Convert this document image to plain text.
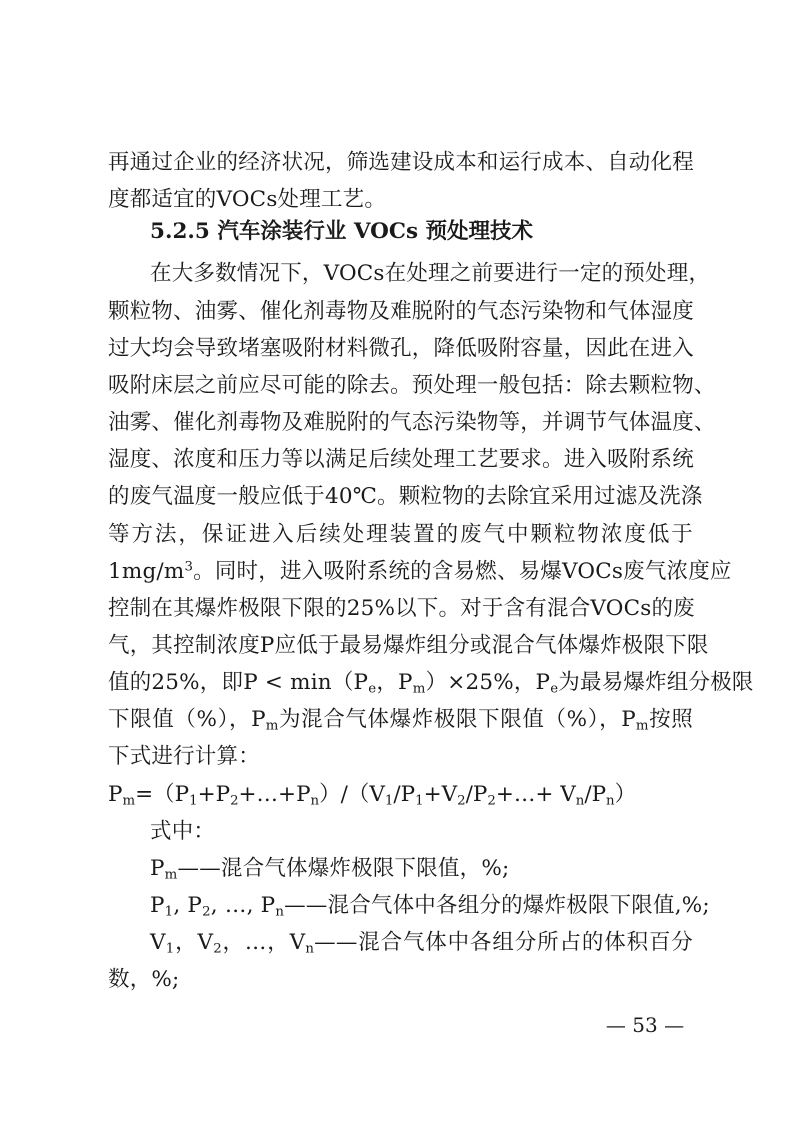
再通过企业的经济状况，筛选建设成本和运行成本、自动化程
度都适宜的VOCs处理工艺。
5.2.5 汽车涂装行业 VOCs 预处理技术
在大多数情况下，VOCs在处理之前要进行一定的预处理，
颗粒物、油雾、催化剂毒物及难脱附的气态污染物和气体湿度
过大均会导致堵塞吸附材料微孔，降低吸附容量，因此在进入
吸附床层之前应尽可能的除去。预处理一般包括：除去颗粒物、
油雾、催化剂毒物及难脱附的气态污染物等，并调节气体温度、
湿度、浓度和压力等以满足后续处理工艺要求。进入吸附系统
的废气温度一般应低于40℃。颗粒物的去除宜采用过滤及洗涤
等方法，保证进入后续处理装置的废气中颗粒物浓度低于
$1mg/m^3$。同时，进入吸附系统的含易燃、易爆VOCs废气浓度应
控制在其爆炸极限下限的25%以下。对于含有混合VOCs的废
气，其控制浓度P应低于最易爆炸组分或混合气体爆炸极限下限
值的25%，即$P < \min(P_e$，$P_m)\times 25\%$，$P_e$为最易爆炸组分极限
下限值（%），$P_m$为混合气体爆炸极限下限值（%），$P_m$按照
下式进行计算：
$P_m=(P_1+P_2+\dots+P_n)/(V_1/P_1+V_2/P_2+\dots+ V_n/P_n)$
式中：
$P_m——$混合气体爆炸极限下限值，%;
$P_1$, $P_2$, …, $P_n——$混合气体中各组分的爆炸极限下限值,%;
$V_1$，$V_2$，…，$V_n——$混合气体中各组分所占的体积百分
数，%;
— 53 —
